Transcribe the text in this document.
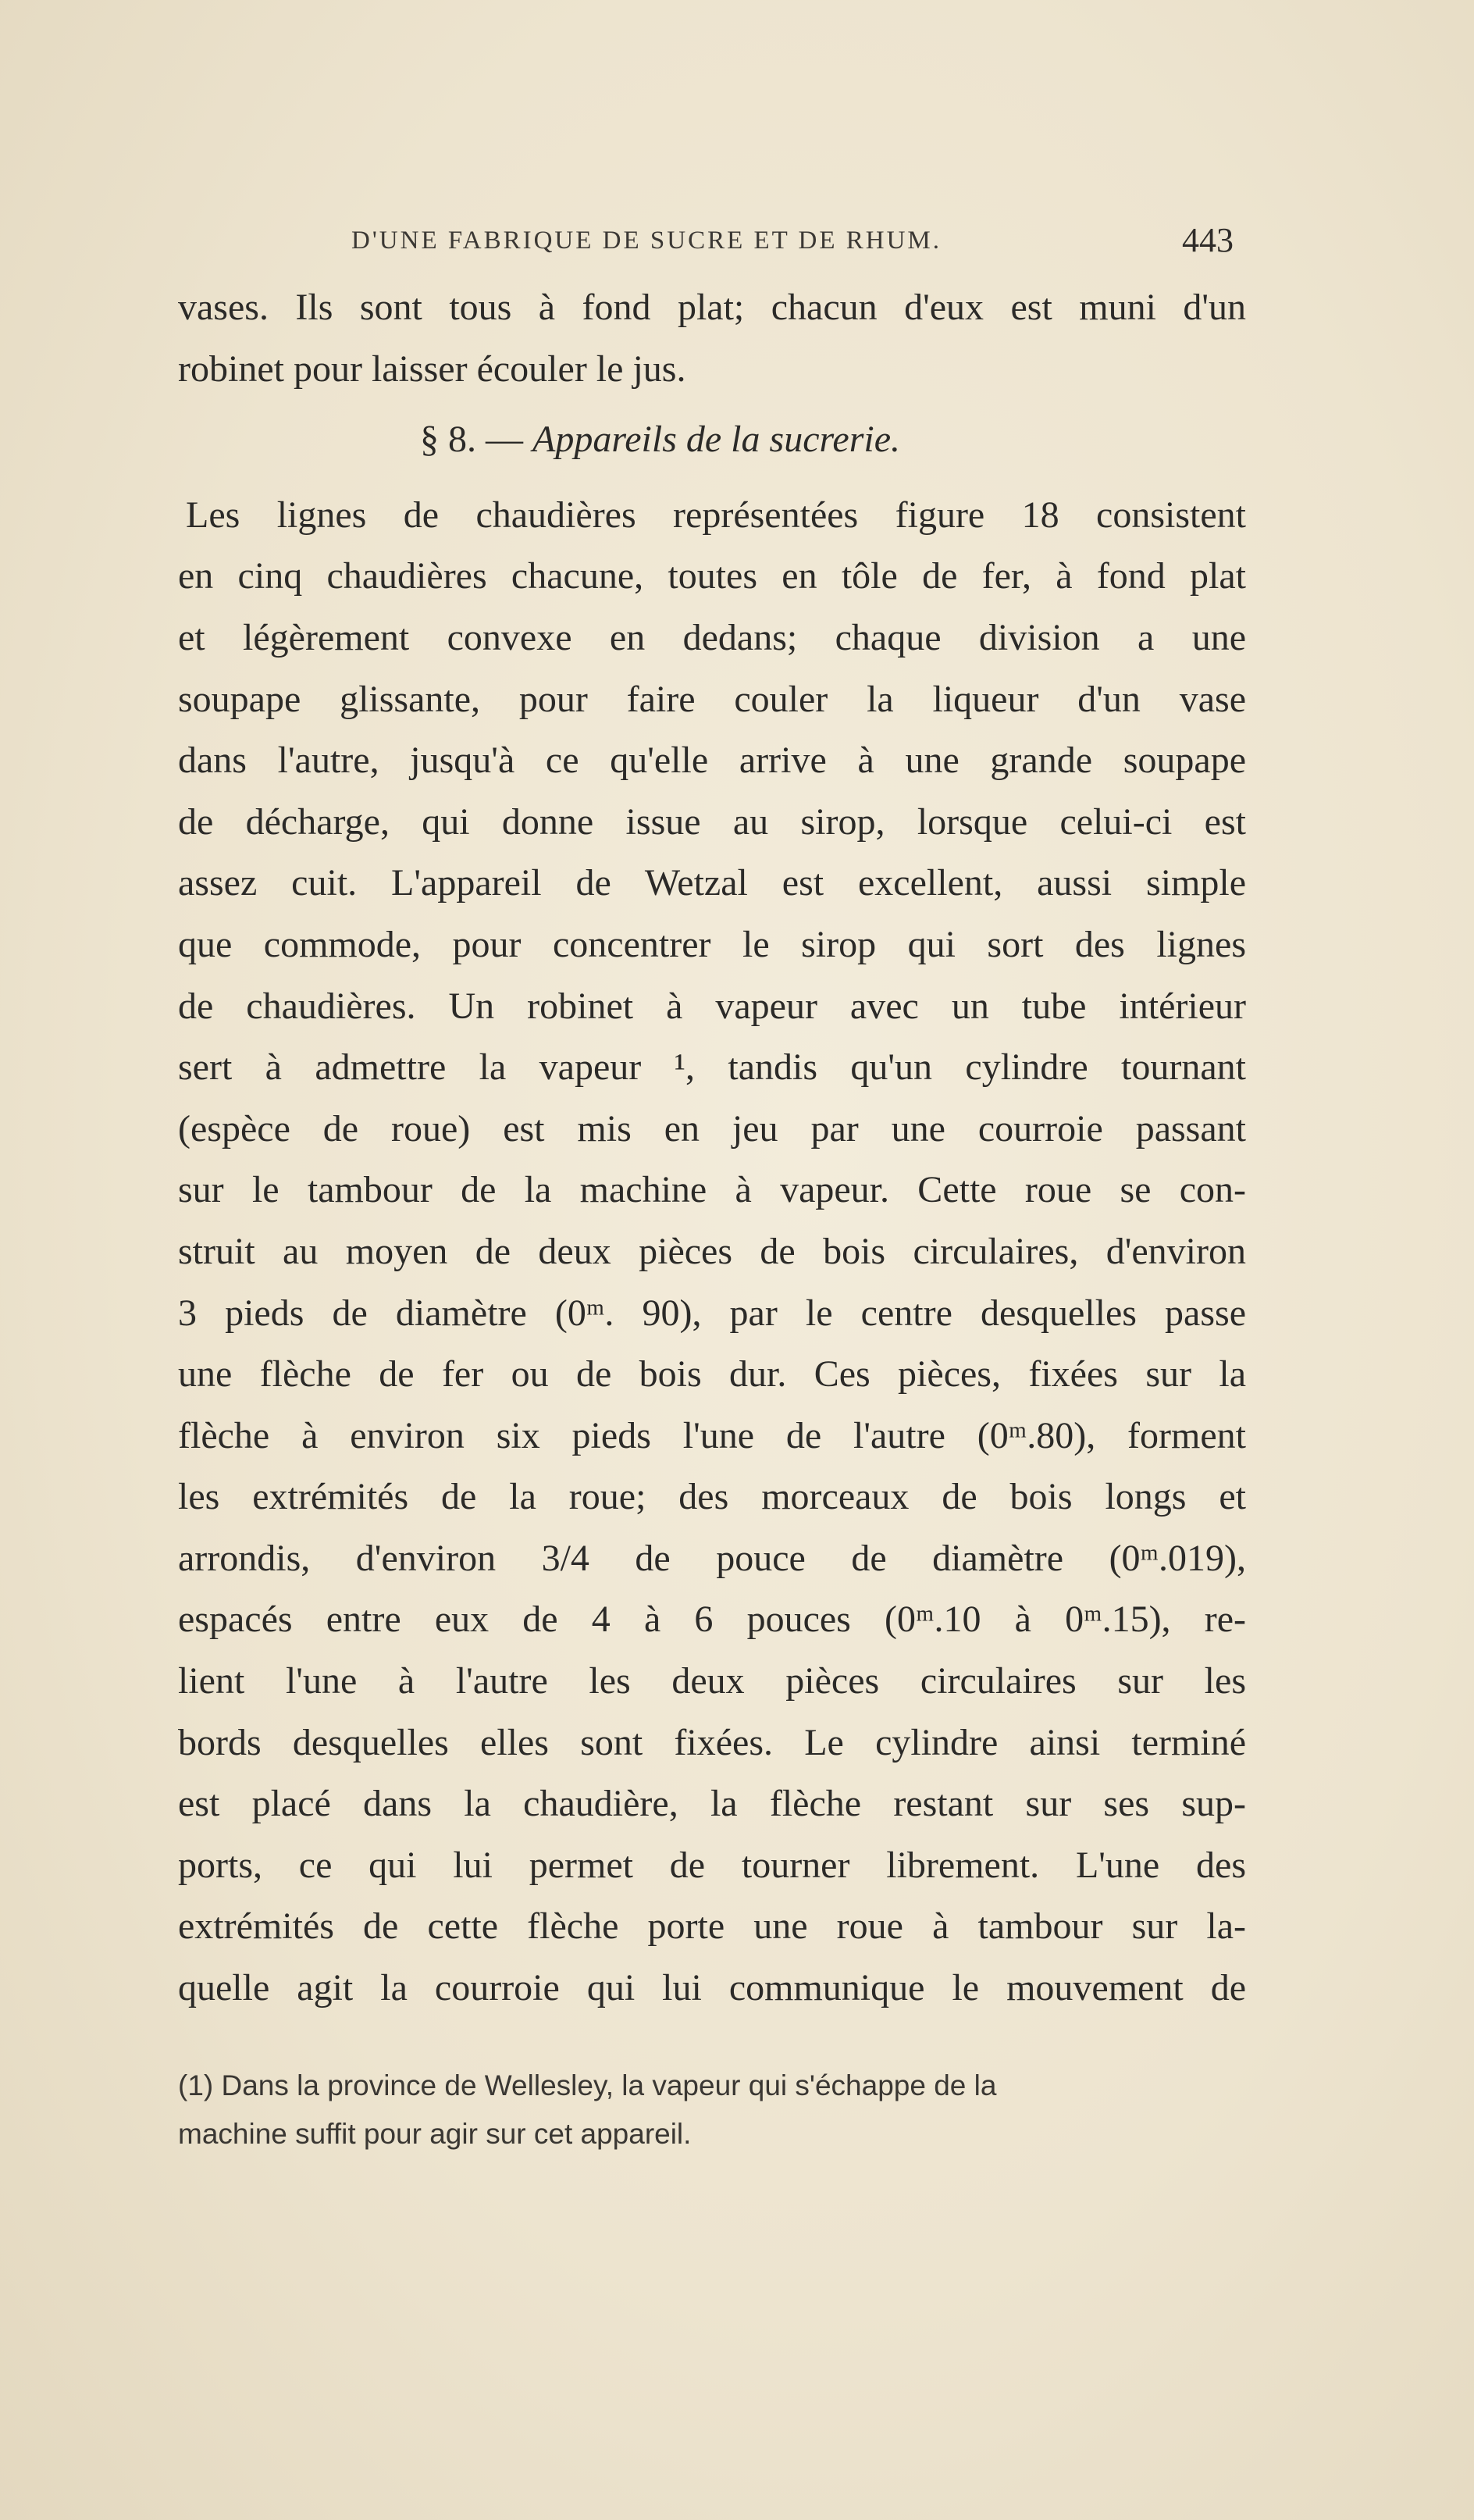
D'UNE FABRIQUE DE SUCRE ET DE RHUM.	443
vases. Ils sont tous à fond plat; chacun d'eux est muni d'un
robinet pour laisser écouler le jus.
§ 8. — Appareils de la sucrerie.
Les lignes de chaudières représentées figure 18 consistent
en cinq chaudières chacune, toutes en tôle de fer, à fond plat
et légèrement convexe en dedans; chaque division a une
soupape glissante, pour faire couler la liqueur d'un vase
dans l'autre, jusqu'à ce qu'elle arrive à une grande soupape
de décharge, qui donne issue au sirop, lorsque celui-ci est
assez cuit. L'appareil de Wetzal est excellent, aussi simple
que commode, pour concentrer le sirop qui sort des lignes
de chaudières. Un robinet à vapeur avec un tube intérieur
sert à admettre la vapeur ¹, tandis qu'un cylindre tournant
(espèce de roue) est mis en jeu par une courroie passant
sur le tambour de la machine à vapeur. Cette roue se con-
struit au moyen de deux pièces de bois circulaires, d'environ
3 pieds de diamètre (0ᵐ. 90), par le centre desquelles passe
une flèche de fer ou de bois dur. Ces pièces, fixées sur la
flèche à environ six pieds l'une de l'autre (0ᵐ.80), forment
les extrémités de la roue; des morceaux de bois longs et
arrondis, d'environ 3/4 de pouce de diamètre (0ᵐ.019),
espacés entre eux de 4 à 6 pouces (0ᵐ.10 à 0ᵐ.15), re-
lient l'une à l'autre les deux pièces circulaires sur les
bords desquelles elles sont fixées. Le cylindre ainsi terminé
est placé dans la chaudière, la flèche restant sur ses sup-
ports, ce qui lui permet de tourner librement. L'une des
extrémités de cette flèche porte une roue à tambour sur la-
quelle agit la courroie qui lui communique le mouvement de
(1) Dans la province de Wellesley, la vapeur qui s'échappe de la
machine suffit pour agir sur cet appareil.
